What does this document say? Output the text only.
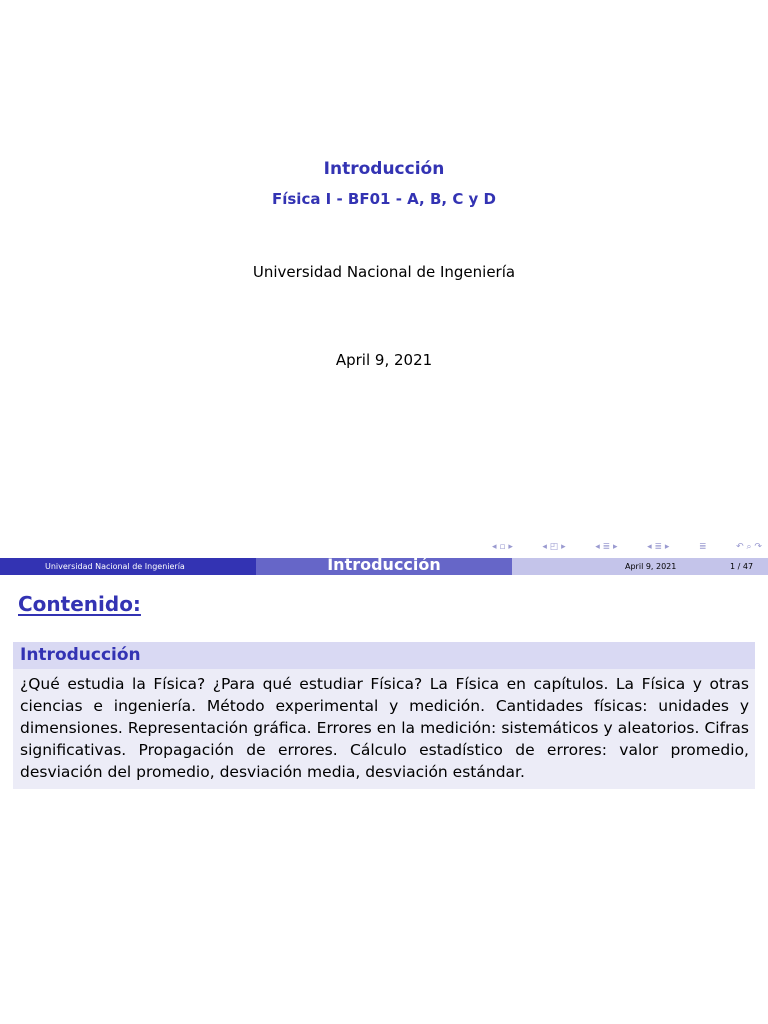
Introducción
Física I - BF01 - A, B, C y D
Universidad Nacional de Ingeniería
April 9, 2021
◂ ▫ ▸	◂ ◰ ▸	◂ ≣ ▸	◂ ≣ ▸	≣	↶ ⌕ ↷
Universidad Nacional de Ingeniería	Introducción	April 9, 2021	1 / 47
Contenido:
Introducción
¿Qué estudia la Física? ¿Para qué estudiar Física? La Física en capítulos. La Física y otras ciencias e ingeniería. Método experimental y medición. Cantidades físicas: unidades y dimensiones. Representación gráfica. Errores en la medición: sistemáticos y aleatorios. Cifras significativas. Propagación de errores. Cálculo estadístico de errores: valor promedio, desviación del promedio, desviación media, desviación estándar.
